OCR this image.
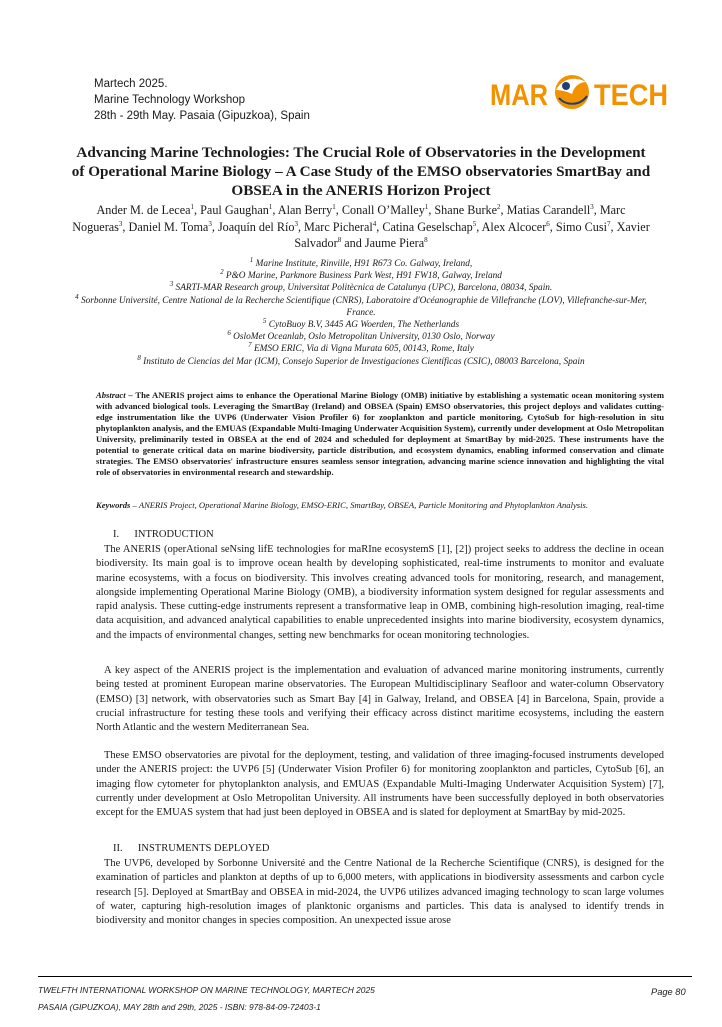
Martech 2025.
Marine Technology Workshop
28th - 29th May. Pasaia (Gipuzkoa), Spain
MAR TECH
Advancing Marine Technologies: The Crucial Role of Observatories in the Development of Operational Marine Biology – A Case Study of the EMSO observatories SmartBay and OBSEA in the ANERIS Horizon Project
Ander M. de Lecea$^1$, Paul Gaughan$^1$, Alan Berry$^1$, Conall O’Malley$^1$, Shane Burke$^2$, Matias Carandell$^3$, Marc Nogueras$^3$, Daniel M. Toma$^3$, Joaquín del Río$^3$, Marc Picheral$^4$, Catina Geselschap$^5$, Alex Alcocer$^6$, Simo Cusi$^7$, Xavier Salvador$^8$ and Jaume Piera$^8$
$^1$ Marine Institute, Rinville, H91 R673 Co. Galway, Ireland,
$^2$ P&O Marine, Parkmore Business Park West, H91 FW18, Galway, Ireland
$^3$ SARTI-MAR Research group, Universitat Politècnica de Catalunya (UPC), Barcelona, 08034, Spain.
$^4$ Sorbonne Université, Centre National de la Recherche Scientifique (CNRS), Laboratoire d'Océanographie de Villefranche (LOV), Villefranche-sur-Mer, France.
$^5$ CytoBuoy B.V, 3445 AG Woerden, The Netherlands
$^6$ OsloMet Oceanlab, Oslo Metropolitan University, 0130 Oslo, Norway
$^7$ EMSO ERIC, Via di Vigna Murata 605, 00143, Rome, Italy
$^8$ Instituto de Ciencias del Mar (ICM), Consejo Superior de Investigaciones Científicas (CSIC), 08003 Barcelona, Spain
Abstract – The ANERIS project aims to enhance the Operational Marine Biology (OMB) initiative by establishing a systematic ocean monitoring system with advanced biological tools. Leveraging the SmartBay (Ireland) and OBSEA (Spain) EMSO observatories, this project deploys and validates cutting-edge instrumentation like the UVP6 (Underwater Vision Profiler 6) for zooplankton and particle monitoring, CytoSub for high-resolution in situ phytoplankton analysis, and the EMUAS (Expandable Multi-Imaging Underwater Acquisition System), currently under development at Oslo Metropolitan University, preliminarily tested in OBSEA at the end of 2024 and scheduled for deployment at SmartBay by mid-2025. These instruments have the potential to generate critical data on marine biodiversity, particle distribution, and ecosystem dynamics, enabling informed conservation and climate strategies. The EMSO observatories' infrastructure ensures seamless sensor integration, advancing marine science innovation and highlighting the vital role of observatories in environmental research and stewardship.
Keywords – ANERIS Project, Operational Marine Biology, EMSO-ERIC, SmartBay, OBSEA, Particle Monitoring and Phytoplankton Analysis.
I. INTRODUCTION
The ANERIS (operAtional seNsing lifE technologies for maRIne ecosystemS [1], [2]) project seeks to address the decline in ocean biodiversity. Its main goal is to improve ocean health by developing sophisticated, real-time instruments to monitor and evaluate marine ecosystems, with a focus on biodiversity. This involves creating advanced tools for monitoring, research, and management, alongside implementing Operational Marine Biology (OMB), a biodiversity information system designed for regular assessments and rapid analysis. These cutting-edge instruments represent a transformative leap in OMB, combining high-resolution imaging, real-time data acquisition, and advanced analytical capabilities to enable unprecedented insights into marine biodiversity, ecosystem dynamics, and the impacts of environmental changes, setting new benchmarks for ocean monitoring technologies.
A key aspect of the ANERIS project is the implementation and evaluation of advanced marine monitoring instruments, currently being tested at prominent European marine observatories. The European Multidisciplinary Seafloor and water-column Observatory (EMSO) [3] network, with observatories such as Smart Bay [4] in Galway, Ireland, and OBSEA [4] in Barcelona, Spain, provide a crucial infrastructure for testing these tools and verifying their efficacy across distinct maritime ecosystems, including the eastern North Atlantic and the western Mediterranean Sea.
These EMSO observatories are pivotal for the deployment, testing, and validation of three imaging-focused instruments developed under the ANERIS project: the UVP6 [5] (Underwater Vision Profiler 6) for monitoring zooplankton and particles, CytoSub [6], an imaging flow cytometer for phytoplankton analysis, and EMUAS (Expandable Multi-Imaging Underwater Acquisition System) [7], currently under development at Oslo Metropolitan University. All instruments have been successfully deployed in both observatories except for the EMUAS system that had just been deployed in OBSEA and is slated for deployment at SmartBay by mid-2025.
II. INSTRUMENTS DEPLOYED
The UVP6, developed by Sorbonne Université and the Centre National de la Recherche Scientifique (CNRS), is designed for the examination of particles and plankton at depths of up to 6,000 meters, with applications in biodiversity assessments and carbon cycle research [5]. Deployed at SmartBay and OBSEA in mid-2024, the UVP6 utilizes advanced imaging technology to scan large volumes of water, capturing high-resolution images of planktonic organisms and particles. This data is analysed to identify trends in biodiversity and monitor changes in species composition. An unexpected issue arose
TWELFTH INTERNATIONAL WORKSHOP ON MARINE TECHNOLOGY, MARTECH 2025
PASAIA (GIPUZKOA), MAY 28th and 29th, 2025 - ISBN: 978-84-09-72403-1
Page 80
